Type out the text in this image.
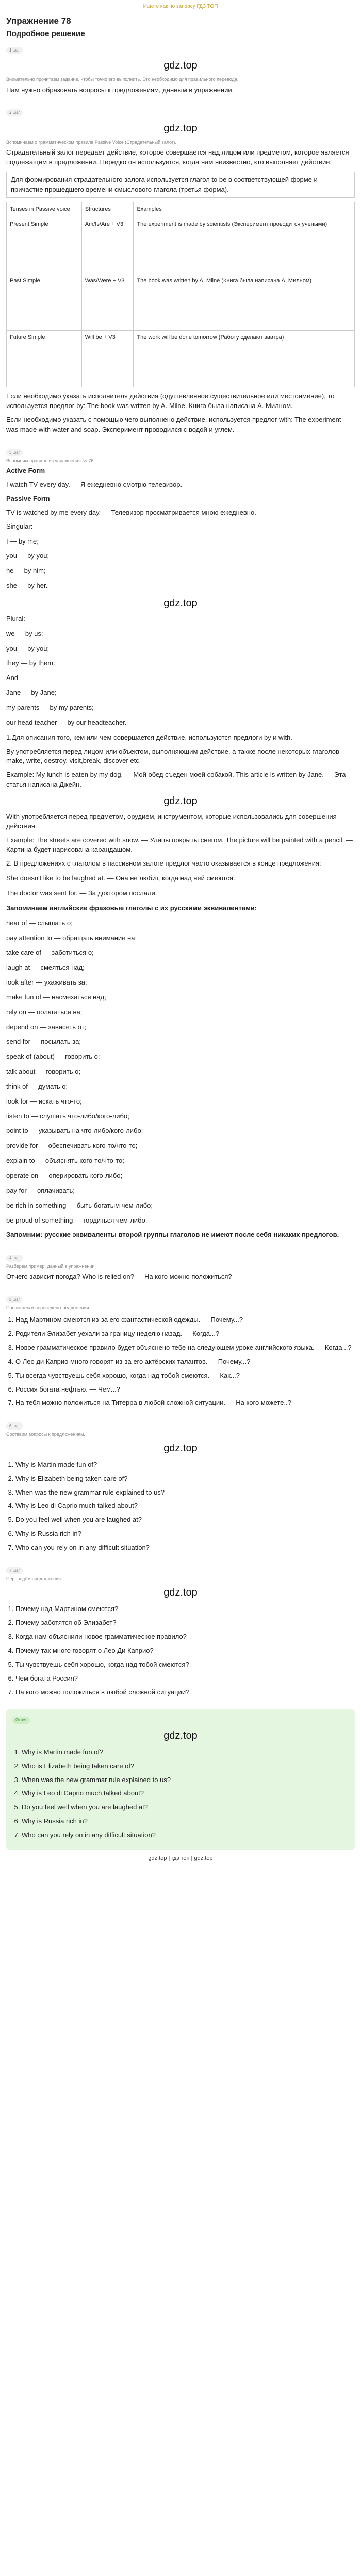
Ищете как по запросу ГДЗ ТОП
Упражнение 78
Подробное решение
1 шаг
gdz.top
Внимательно прочитаем задание, чтобы точно его выполнить. Это необходимо для правильного перевода.
Нам нужно образовать вопросы к предложениям, данным в упражнении.
2 шаг
gdz.top
Вспоминаем о грамматическом правиле Passive Voice (Страдательный залог).
Страдательный залог передаёт действие, которое совершается над лицом или предметом, которое является подлежащим в предложении. Нередко он используется, когда нам неизвестно, кто выполняет действие.
Для формирования страдательного залога используется глагол to be в соответствующей форме и причастие прошедшего времени смыслового глагола (третья форма).
Tenses in Passive voice	Structures	Examples
Present Simple	Am/Is/Are + V3	The experiment is made by scientists (Эксперимент проводится учеными)
Past Simple	Was/Were + V3	The book was written by A. Milne (Книга была написана А. Милном)
Future Simple	Will be + V3	The work will be done tomorrow (Работу сделают завтра)
Если необходимо указать исполнителя действия (одушевлённое существительное или местоимение), то используется предлог by: The book was written by A. Milne. Книга была написана А. Милном.
Если необходимо указать с помощью чего выполнено действие, используется предлог with: The experiment was made with water and soap. Эксперимент проводился с водой и углем.
3 шаг
Вспомним правило из упражнения № 76.
Active Form
I watch TV every day. — Я ежедневно смотрю телевизор.
Passive Form
TV is watched by me every day. — Телевизор просматривается мною ежедневно.
Singular:
I — by me;
you — by you;
he — by him;
she — by her.
gdz.top
Plural:
we — by us;
you — by you;
they — by them.
And
Jane — by Jane;
my parents — by my parents;
our head teacher — by our headteacher.
1.Для описания того, кем или чем совершается действие, используются предлоги by и with.
By употребляется перед лицом или объектом, выполняющим действие, а также после некоторых глаголов make, write, destroy, visit,break, discover etc.
Example: My lunch is eaten by my dog. — Мой обед съеден моей собакой. This article is written by Jane. — Эта статья написана Джейн.
gdz.top
With употребляется перед предметом, орудием, инструментом, которые использовались для совершения действия.
Example: The streets are covered with snow. — Улицы покрыты снегом. The picture will be painted with a pencil. — Картина будет нарисована карандашом.
2. В предложениях с глаголом в пассивном залоге предлог часто оказывается в конце предложения:
She doesn't like to be laughed at. — Она не любит, когда над ней смеются.
The doctor was sent for. — За доктором послали.
Запоминаем английские фразовые глаголы с их русскими эквивалентами:
hear of — слышать о;
pay attention to — обращать внимание на;
take care of — заботиться о;
laugh at — смеяться над;
look after — ухаживать за;
make fun of — насмехаться над;
rely on — полагаться на;
depend on — зависеть от;
send for — посылать за;
speak of (about) — говорить о;
talk about — говорить о;
think of — думать о;
look for — искать что-то;
listen to — слушать что-либо/кого-либо;
point to — указывать на что-либо/кого-либо;
provide for — обеспечивать кого-то/что-то;
explain to — объяснять кого-то/что-то;
operate on — оперировать кого-либо;
pay for — оплачивать;
be rich in something — быть богатым чем-либо;
be proud of something — гордиться чем-либо.
Запомним: русские эквиваленты второй группы глаголов не имеют после себя никаких предлогов.
4 шаг
Разберем пример, данный в упражнении.
Отчего зависит погода? Who is relied on? — На кого можно положиться?
5 шаг
Прочитаем и переведем предложения.
1. Над Мартином смеются из-за его фантастической одежды. — Почему...?
2. Родители Элизабет уехали за границу неделю назад. — Когда...?
3. Новое грамматическое правило будет объяснено тебе на следующем уроке английского языка. — Когда...?
4. О Лео ди Каприо много говорят из-за его актёрских талантов. — Почему...?
5. Ты всегда чувствуешь себя хорошо, когда над тобой смеются. — Как...?
6. Россия богата нефтью. — Чем...?
7. На тебя можно положиться на Титерра в любой сложной ситуации. — На кого можете..?
6 шаг
Составим вопросы к предложениям.
gdz.top
1. Why is Martin made fun of?
2. Why is Elizabeth being taken care of?
3. When was the new grammar rule explained to us?
4. Why is Leo di Caprio much talked about?
5. Do you feel well when you are laughed at?
6. Why is Russia rich in?
7. Who can you rely on in any difficult situation?
7 шаг
Переведём предложения.
gdz.top
1. Почему над Мартином смеются?
2. Почему заботятся об Элизабет?
3. Когда нам объяснили новое грамматическое правило?
4. Почему так много говорят о Лео Ди Каприо?
5. Ты чувствуешь себя хорошо, когда над тобой смеются?
6. Чем богата Россия?
7. На кого можно положиться в любой сложной ситуации?
Ответ
gdz.top
1. Why is Martin made fun of?
2. Who is Elizabeth being taken care of?
3. When was the new grammar rule explained to us?
4. Why is Leo di Caprio much talked about?
5. Do you feel well when you are laughed at?
6. Why is Russia rich in?
7. Who can you rely on in any difficult situation?
gdz.top | гдз топ | gdz.top
